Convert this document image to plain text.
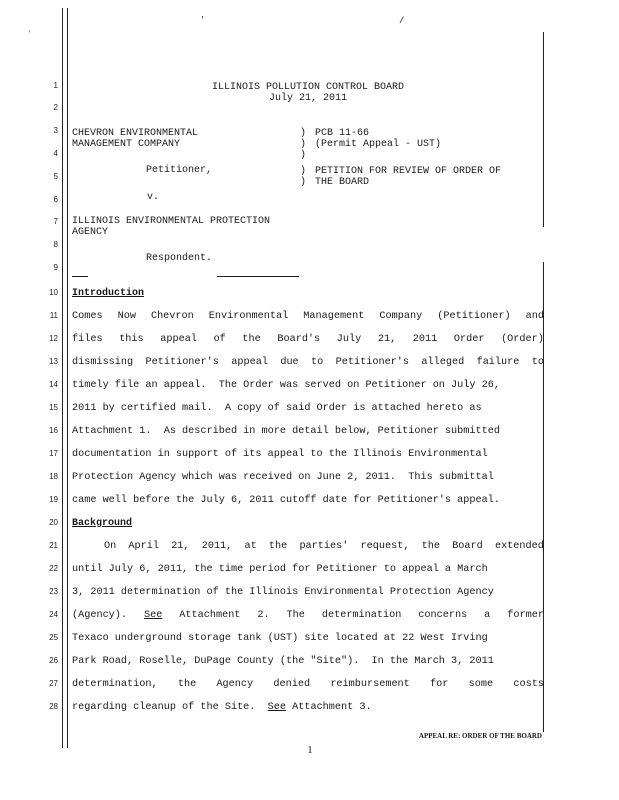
'	/
'
1
2
3
4
5
6
7
8
9
10
11
12
13
14
15
16
17
18
19
20
21
22
23
24
25
26
27
28
ILLINOIS POLLUTION CONTROL BOARD
July 21, 2011
CHEVRON ENVIRONMENTAL
MANAGEMENT COMPANY
Petitioner,
v.
ILLINOIS ENVIRONMENTAL PROTECTION
AGENCY
Respondent.
)
)
)
)
)
PCB 11-66
(Permit Appeal - UST)
PETITION FOR REVIEW OF ORDER OF
THE BOARD
Introduction
Comes Now Chevron Environmental Management Company (Petitioner) and
files this appeal of the Board's July 21, 2011 Order (Order)
dismissing Petitioner's appeal due to Petitioner's alleged failure to
timely file an appeal.  The Order was served on Petitioner on July 26,
2011 by certified mail.  A copy of said Order is attached hereto as
Attachment 1.  As described in more detail below, Petitioner submitted
documentation in support of its appeal to the Illinois Environmental
Protection Agency which was received on June 2, 2011.  This submittal
came well before the July 6, 2011 cutoff date for Petitioner's appeal.
Background
On April 21, 2011, at the parties' request, the Board extended
until July 6, 2011, the time period for Petitioner to appeal a March
3, 2011 determination of the Illinois Environmental Protection Agency
(Agency). See Attachment 2. The determination concerns a former
Texaco underground storage tank (UST) site located at 22 West Irving
Park Road, Roselle, DuPage County (the "Site").  In the March 3, 2011
determination, the Agency denied reimbursement for some costs
regarding cleanup of the Site. See Attachment 3.
APPEAL RE: ORDER OF THE BOARD
1
